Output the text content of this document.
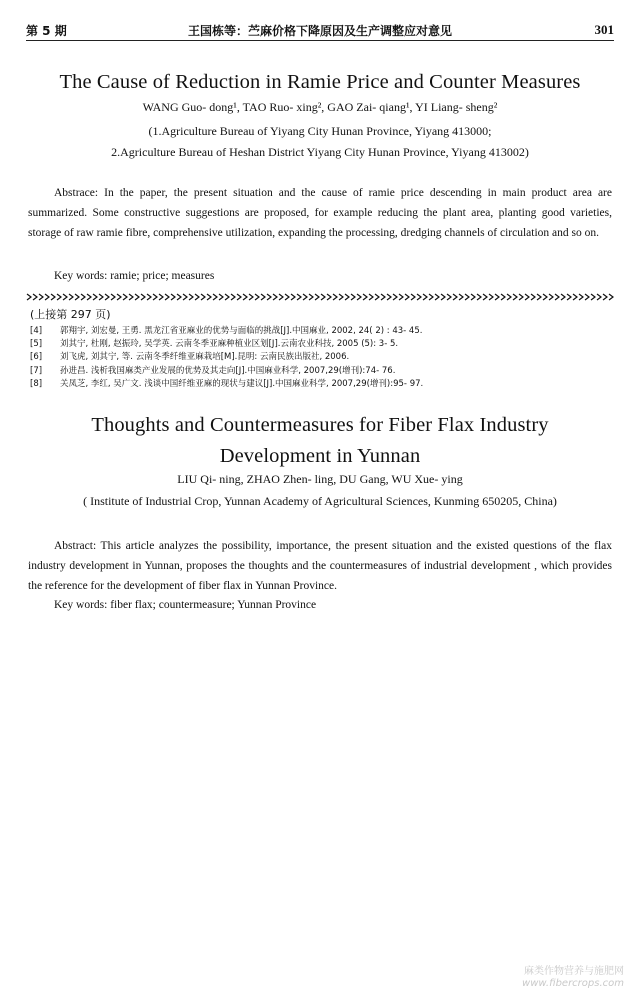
第 5 期	王国栋等：苎麻价格下降原因及生产调整应对意见	301
The Cause of Reduction in Ramie Price and Counter Measures
WANG Guo- dong¹, TAO Ruo- xing², GAO Zai- qiang¹, YI Liang- sheng²
(1.Agriculture Bureau of Yiyang City Hunan Province, Yiyang 413000;
2.Agriculture Bureau of Heshan District Yiyang City Hunan Province, Yiyang 413002)

Abstrace: In the paper, the present situation and the cause of ramie price descending in main product area are summarized. Some constructive suggestions are proposed, for example reducing the plant area, planting good varieties, storage of raw ramie fibre, comprehensive utilization, expanding the processing, dredging channels of circulation and so on.

Key words: ramie; price; measures
(上接第 297 页)
[4] 郭翔宇, 刘宏曼, 王勇. 黑龙江省亚麻业的优势与面临的挑战[J].中国麻业, 2002, 24( 2) : 43- 45.
[5] 刘其宁, 杜刚, 赵振玲, 吴学英. 云南冬季亚麻种植业区划[J].云南农业科技, 2005 (5): 3- 5.
[6] 刘飞虎, 刘其宁, 等. 云南冬季纤维亚麻栽培[M].昆明: 云南民族出版社, 2006.
[7] 孙进昌. 浅析我国麻类产业发展的优势及其走向[J].中国麻业科学, 2007,29(增刊):74- 76.
[8] 关凤芝, 李红, 吴广文. 浅谈中国纤维亚麻的现状与建议[J].中国麻业科学, 2007,29(增刊):95- 97.
Thoughts and Countermeasures for Fiber Flax Industry
Development in Yunnan
LIU Qi- ning, ZHAO Zhen- ling, DU Gang, WU Xue- ying
( Institute of Industrial Crop, Yunnan Academy of Agricultural Sciences, Kunming 650205, China)

Abstract: This article analyzes the possibility, importance, the present situation and the existed questions of the flax industry development in Yunnan, proposes the thoughts and the countermeasures of industrial development , which provides the reference for the development of fiber flax in Yunnan Province.

Key words: fiber flax; countermeasure; Yunnan Province
麻类作物营养与施肥网
www.fibercrops.com
